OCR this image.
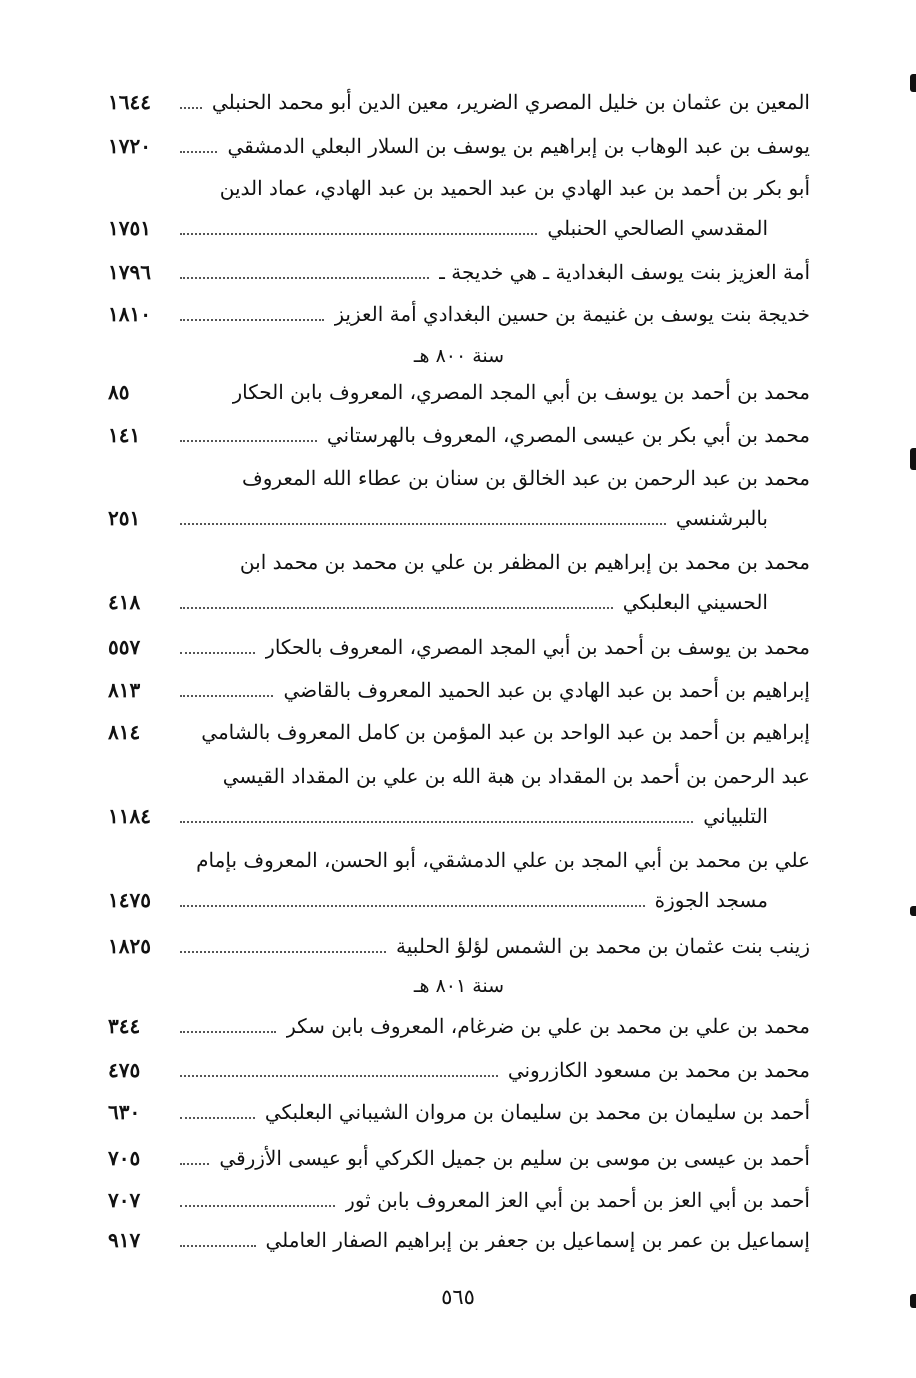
المعين بن عثمان بن خليل المصري الضرير، معين الدين أبو محمد الحنبلي
١٦٤٤
يوسف بن عبد الوهاب بن إبراهيم بن يوسف بن السلار البعلي الدمشقي
١٧٢٠
أبو بكر بن أحمد بن عبد الهادي بن عبد الحميد بن عبد الهادي، عماد الدين
المقدسي الصالحي الحنبلي
١٧٥١
أمة العزيز بنت يوسف البغدادية ـ هي خديجة ـ
١٧٩٦
خديجة بنت يوسف بن غنيمة بن حسين البغدادي أمة العزيز
١٨١٠
سنة ٨٠٠ هـ
محمد بن أحمد بن يوسف بن أبي المجد المصري، المعروف بابن الحكار
٨٥
محمد بن أبي بكر بن عيسى المصري، المعروف بالهرستاني
١٤١
محمد بن عبد الرحمن بن عبد الخالق بن سنان بن عطاء الله المعروف
بالبرشنسي
٢٥١
محمد بن محمد بن إبراهيم بن المظفر بن علي بن محمد بن محمد ابن
الحسيني البعلبكي
٤١٨
محمد بن يوسف بن أحمد بن أبي المجد المصري، المعروف بالحكار
٥٥٧
إبراهيم بن أحمد بن عبد الهادي بن عبد الحميد المعروف بالقاضي
٨١٣
إبراهيم بن أحمد بن عبد الواحد بن عبد المؤمن بن كامل المعروف بالشامي
٨١٤
عبد الرحمن بن أحمد بن المقداد بن هبة الله بن علي بن المقداد القيسي
التلبياني
١١٨٤
علي بن محمد بن أبي المجد بن علي الدمشقي، أبو الحسن، المعروف بإمام
مسجد الجوزة
١٤٧٥
زينب بنت عثمان بن محمد بن الشمس لؤلؤ الحلبية
١٨٢٥
سنة ٨٠١ هـ
محمد بن علي بن محمد بن علي بن ضرغام، المعروف بابن سكر
٣٤٤
محمد بن محمد بن مسعود الكازروني
٤٧٥
أحمد بن سليمان بن محمد بن سليمان بن مروان الشيباني البعلبكي
٦٣٠
أحمد بن عيسى بن موسى بن سليم بن جميل الكركي أبو عيسى الأزرقي
٧٠٥
أحمد بن أبي العز بن أحمد بن أبي العز المعروف بابن ثور
٧٠٧
إسماعيل بن عمر بن إسماعيل بن جعفر بن إبراهيم الصفار العاملي
٩١٧
٥٦٥
